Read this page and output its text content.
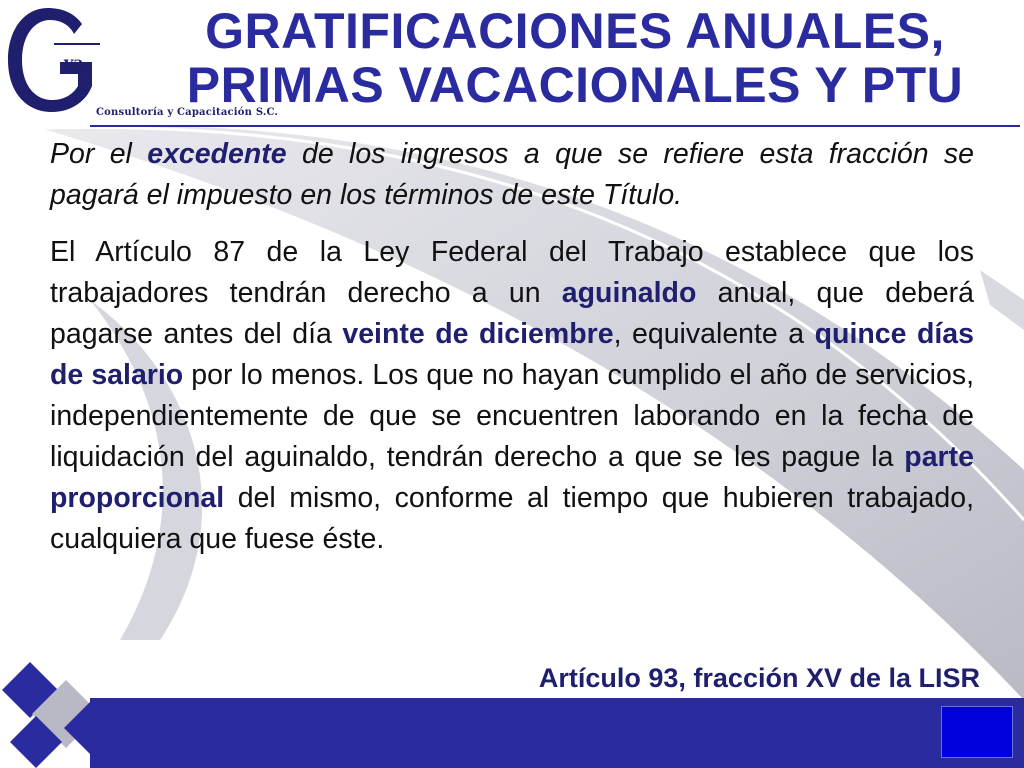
va
Consultoría y Capacitación S.C.
GRATIFICACIONES ANUALES,
PRIMAS VACACIONALES Y PTU

Por el excedente de los ingresos a que se refiere esta fracción se pagará el impuesto en los términos de este Título.

El Artículo 87 de la Ley Federal del Trabajo establece que los trabajadores tendrán derecho a un aguinaldo anual, que deberá pagarse antes del día veinte de diciembre, equivalente a quince días de salario por lo menos. Los que no hayan cumplido el año de servicios, independientemente de que se encuentren laborando en la fecha de liquidación del aguinaldo, tendrán derecho a que se les pague la parte proporcional del mismo, conforme al tiempo que hubieren trabajado, cualquiera que fuese éste.

Artículo 93, fracción XV de la LISR
